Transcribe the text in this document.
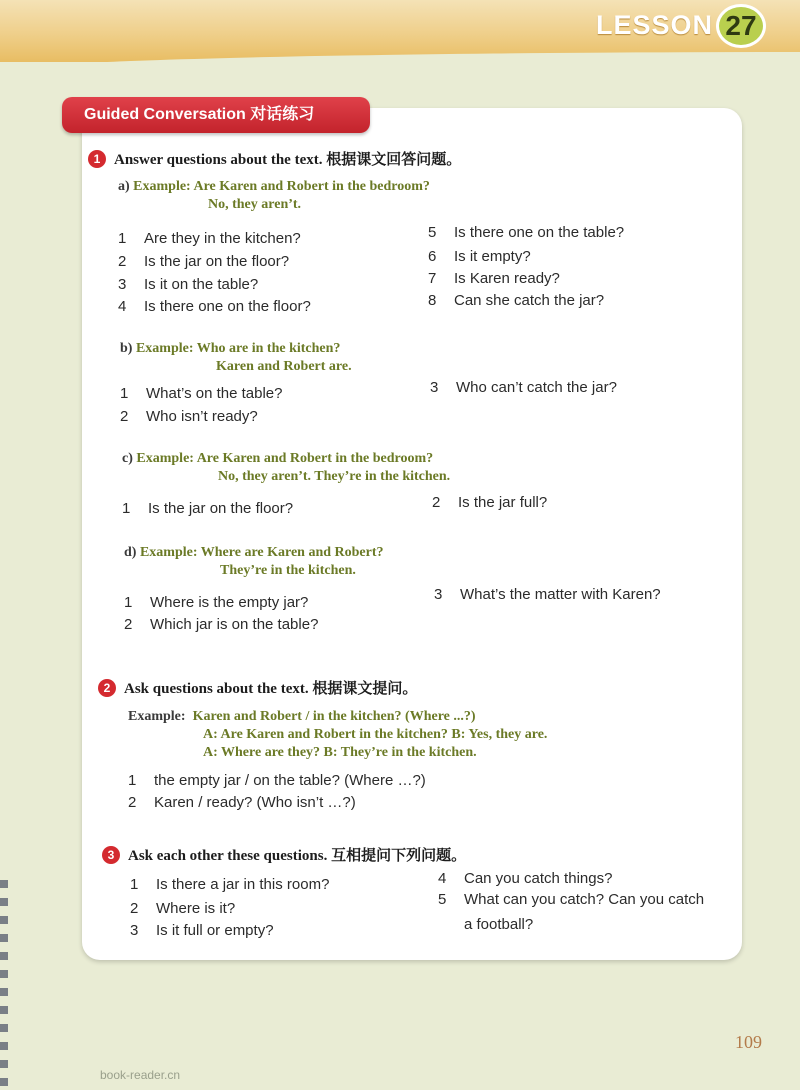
LESSON 27
Guided Conversation 对话练习
1 Answer questions about the text. 根据课文回答问题。
a) Example: Are Karen and Robert in the bedroom?
No, they aren’t.
1 Are they in the kitchen?
2 Is the jar on the floor?
3 Is it on the table?
4 Is there one on the floor?
5 Is there one on the table?
6 Is it empty?
7 Is Karen ready?
8 Can she catch the jar?
b) Example: Who are in the kitchen?
Karen and Robert are.
1 What’s on the table?
2 Who isn’t ready?
3 Who can’t catch the jar?
c) Example: Are Karen and Robert in the bedroom?
No, they aren’t. They’re in the kitchen.
1 Is the jar on the floor?	2 Is the jar full?
d) Example: Where are Karen and Robert?
They’re in the kitchen.
1 Where is the empty jar?
2 Which jar is on the table?
3 What’s the matter with Karen?
2 Ask questions about the text. 根据课文提问。
Example: Karen and Robert / in the kitchen? (Where ...?)
A: Are Karen and Robert in the kitchen? B: Yes, they are.
A: Where are they? B: They’re in the kitchen.
1 the empty jar / on the table? (Where …?)
2 Karen / ready? (Who isn’t …?)
3 Ask each other these questions. 互相提问下列问题。
1 Is there a jar in this room?
2 Where is it?
3 Is it full or empty?
4 Can you catch things?
5 What can you catch? Can you catch
a football?
109
book-reader.cn
